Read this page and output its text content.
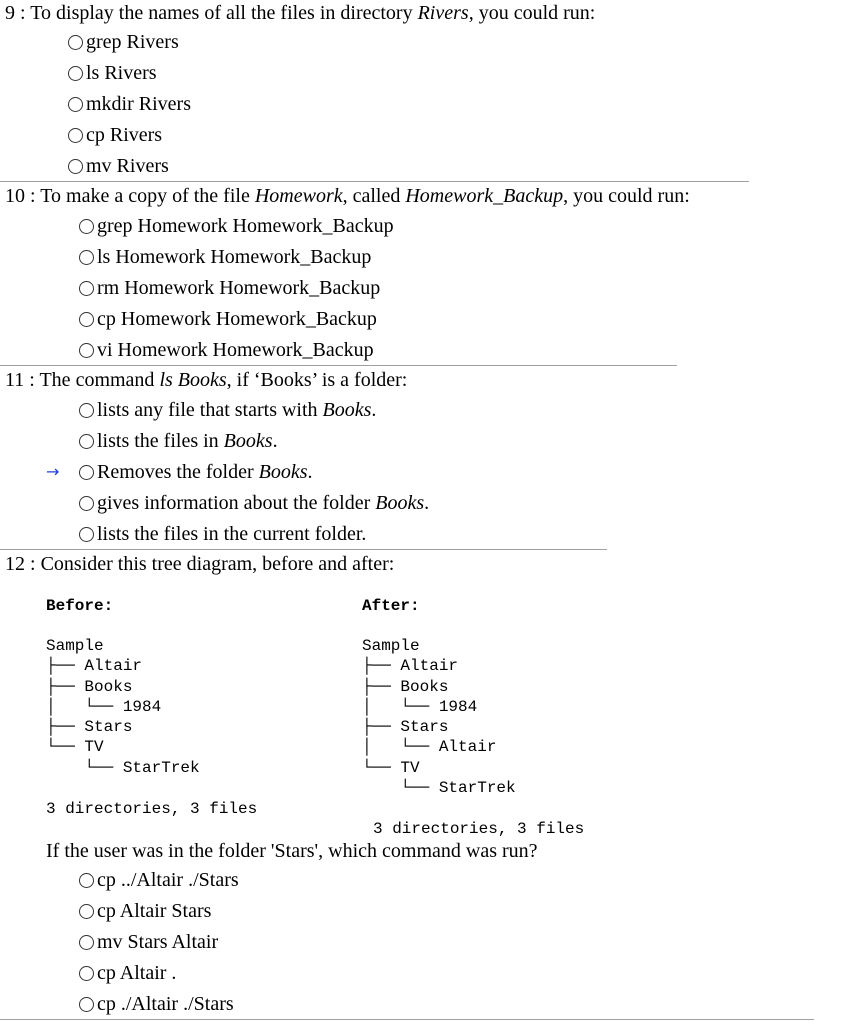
9 : To display the names of all the files in directory Rivers, you could run:
grep Rivers
ls Rivers
mkdir Rivers
cp Rivers
mv Rivers
10 : To make a copy of the file Homework, called Homework_Backup, you could run:
grep Homework Homework_Backup
ls Homework Homework_Backup
rm Homework Homework_Backup
cp Homework Homework_Backup
vi Homework Homework_Backup
11 : The command ls Books, if ‘Books’ is a folder:
lists any file that starts with Books.
lists the files in Books.
→ Removes the folder Books.
gives information about the folder Books.
lists the files in the current folder.
12 : Consider this tree diagram, before and after:
Before:	After:
Sample
├── Altair
├── Books
│   └── 1984
├── Stars
└── TV
└── StarTrek
Sample
├── Altair
├── Books
│   └── 1984
├── Stars
│   └── Altair
└── TV
└── StarTrek
3 directories, 3 files
3 directories, 3 files
If the user was in the folder 'Stars', which command was run?
cp ../Altair ./Stars
cp Altair Stars
mv Stars Altair
cp Altair .
cp ./Altair ./Stars
